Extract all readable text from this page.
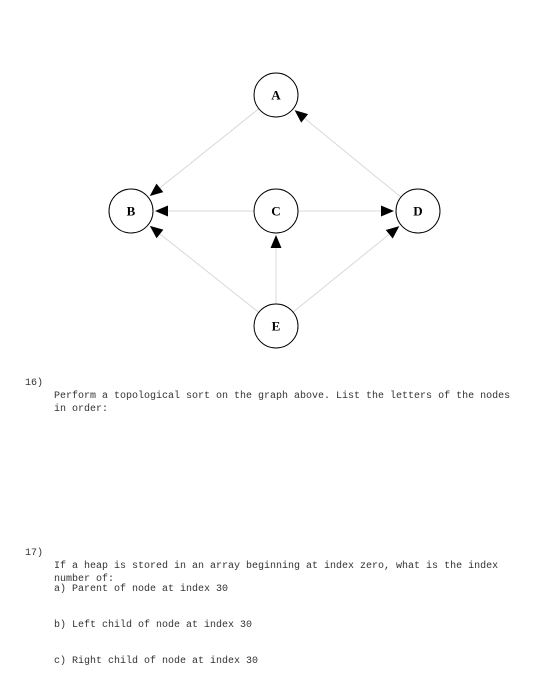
A
B	C	D
E

16)

Perform a topological sort on the graph above. List the letters of the nodes in order:

17)

If a heap is stored in an array beginning at index zero, what is the index number of:

a) Parent of node at index 30
b) Left child of node at index 30
c) Right child of node at index 30
